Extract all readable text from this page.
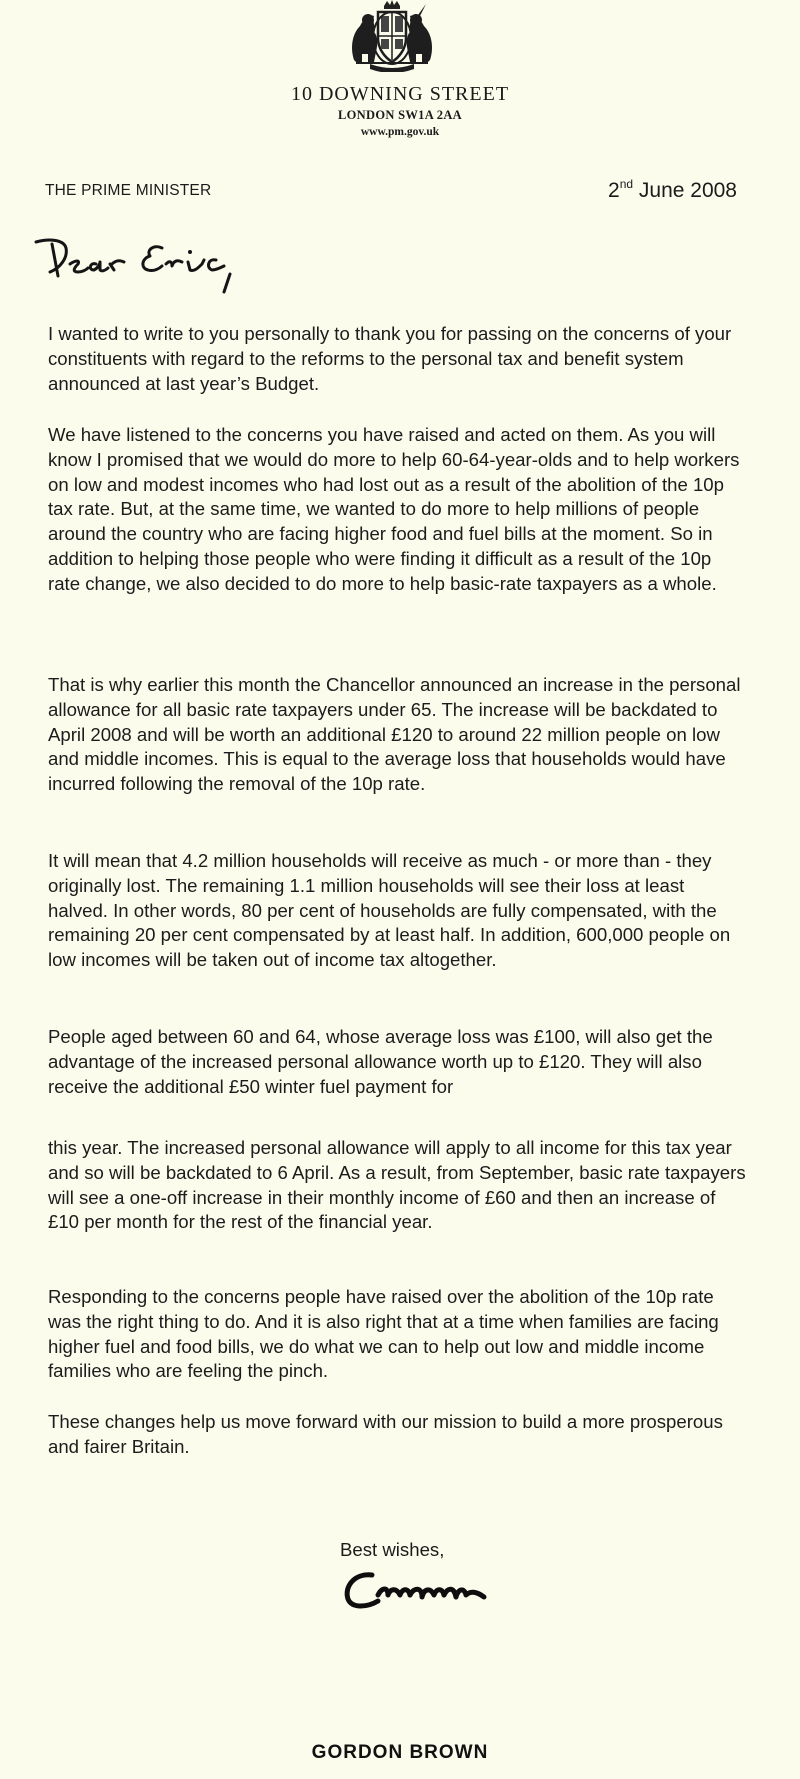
10 DOWNING STREET
LONDON SW1A 2AA
www.pm.gov.uk
THE PRIME MINISTER	2nd June 2008

I wanted to write to you personally to thank you for passing on the concerns of your constituents with regard to the reforms to the personal tax and benefit system announced at last year’s Budget.

We have listened to the concerns you have raised and acted on them. As you will know I promised that we would do more to help 60-64-year-olds and to help workers on low and modest incomes who had lost out as a result of the abolition of the 10p tax rate. But, at the same time, we wanted to do more to help millions of people around the country who are facing higher food and fuel bills at the moment. So in addition to helping those people who were finding it difficult as a result of the 10p rate change, we also decided to do more to help basic-rate taxpayers as a whole.

That is why earlier this month the Chancellor announced an increase in the personal allowance for all basic rate taxpayers under 65. The increase will be backdated to April 2008 and will be worth an additional £120 to around 22 million people on low and middle incomes. This is equal to the average loss that households would have incurred following the removal of the 10p rate.

It will mean that 4.2 million households will receive as much - or more than - they originally lost. The remaining 1.1 million households will see their loss at least halved. In other words, 80 per cent of households are fully compensated, with the remaining 20 per cent compensated by at least half. In addition, 600,000 people on low incomes will be taken out of income tax altogether.

People aged between 60 and 64, whose average loss was £100, will also get the advantage of the increased personal allowance worth up to £120. They will also receive the additional £50 winter fuel payment for

this year. The increased personal allowance will apply to all income for this tax year and so will be backdated to 6 April. As a result, from September, basic rate taxpayers will see a one-off increase in their monthly income of £60 and then an increase of £10 per month for the rest of the financial year.

Responding to the concerns people have raised over the abolition of the 10p rate was the right thing to do. And it is also right that at a time when families are facing higher fuel and food bills, we do what we can to help out low and middle income families who are feeling the pinch.

These changes help us move forward with our mission to build a more prosperous and fairer Britain.

Best wishes,
GORDON BROWN
